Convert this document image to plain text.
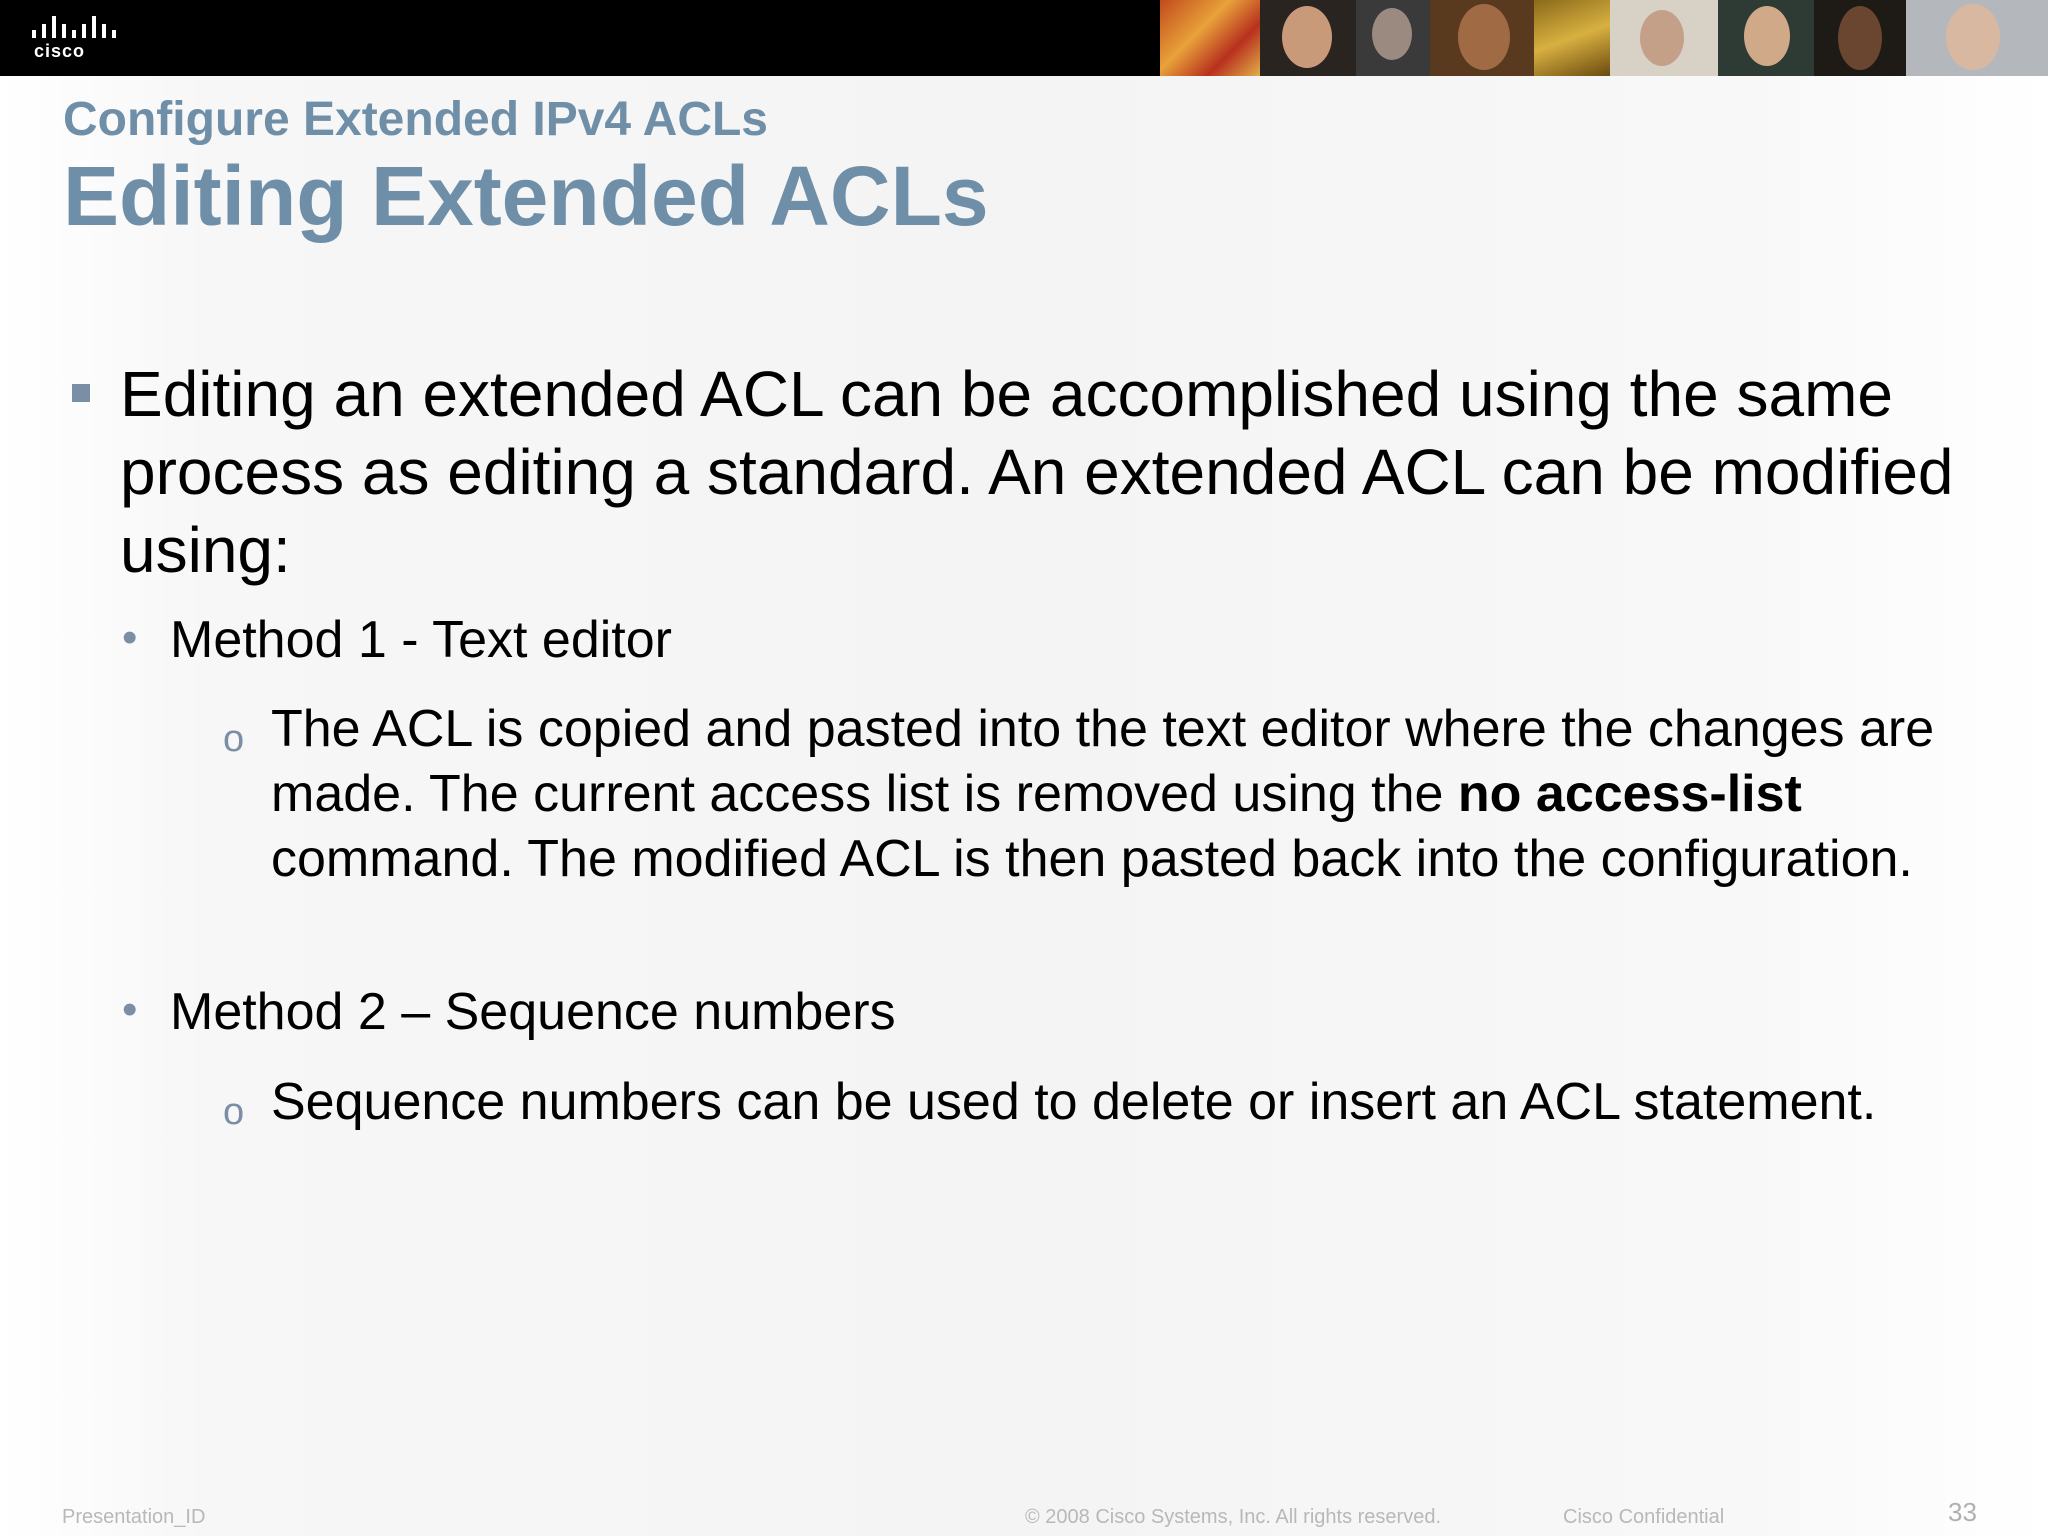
cisco
Configure Extended IPv4 ACLs
Editing Extended ACLs
Editing an extended ACL can be accomplished using the same process as editing a standard. An extended ACL can be modified using:
• Method 1 - Text editor
o The ACL is copied and pasted into the text editor where the changes are made. The current access list is removed using the no access-list command. The modified ACL is then pasted back into the configuration.
• Method 2 – Sequence numbers
o Sequence numbers can be used to delete or insert an ACL statement.
Presentation_ID	© 2008 Cisco Systems, Inc. All rights reserved.	Cisco Confidential	33
